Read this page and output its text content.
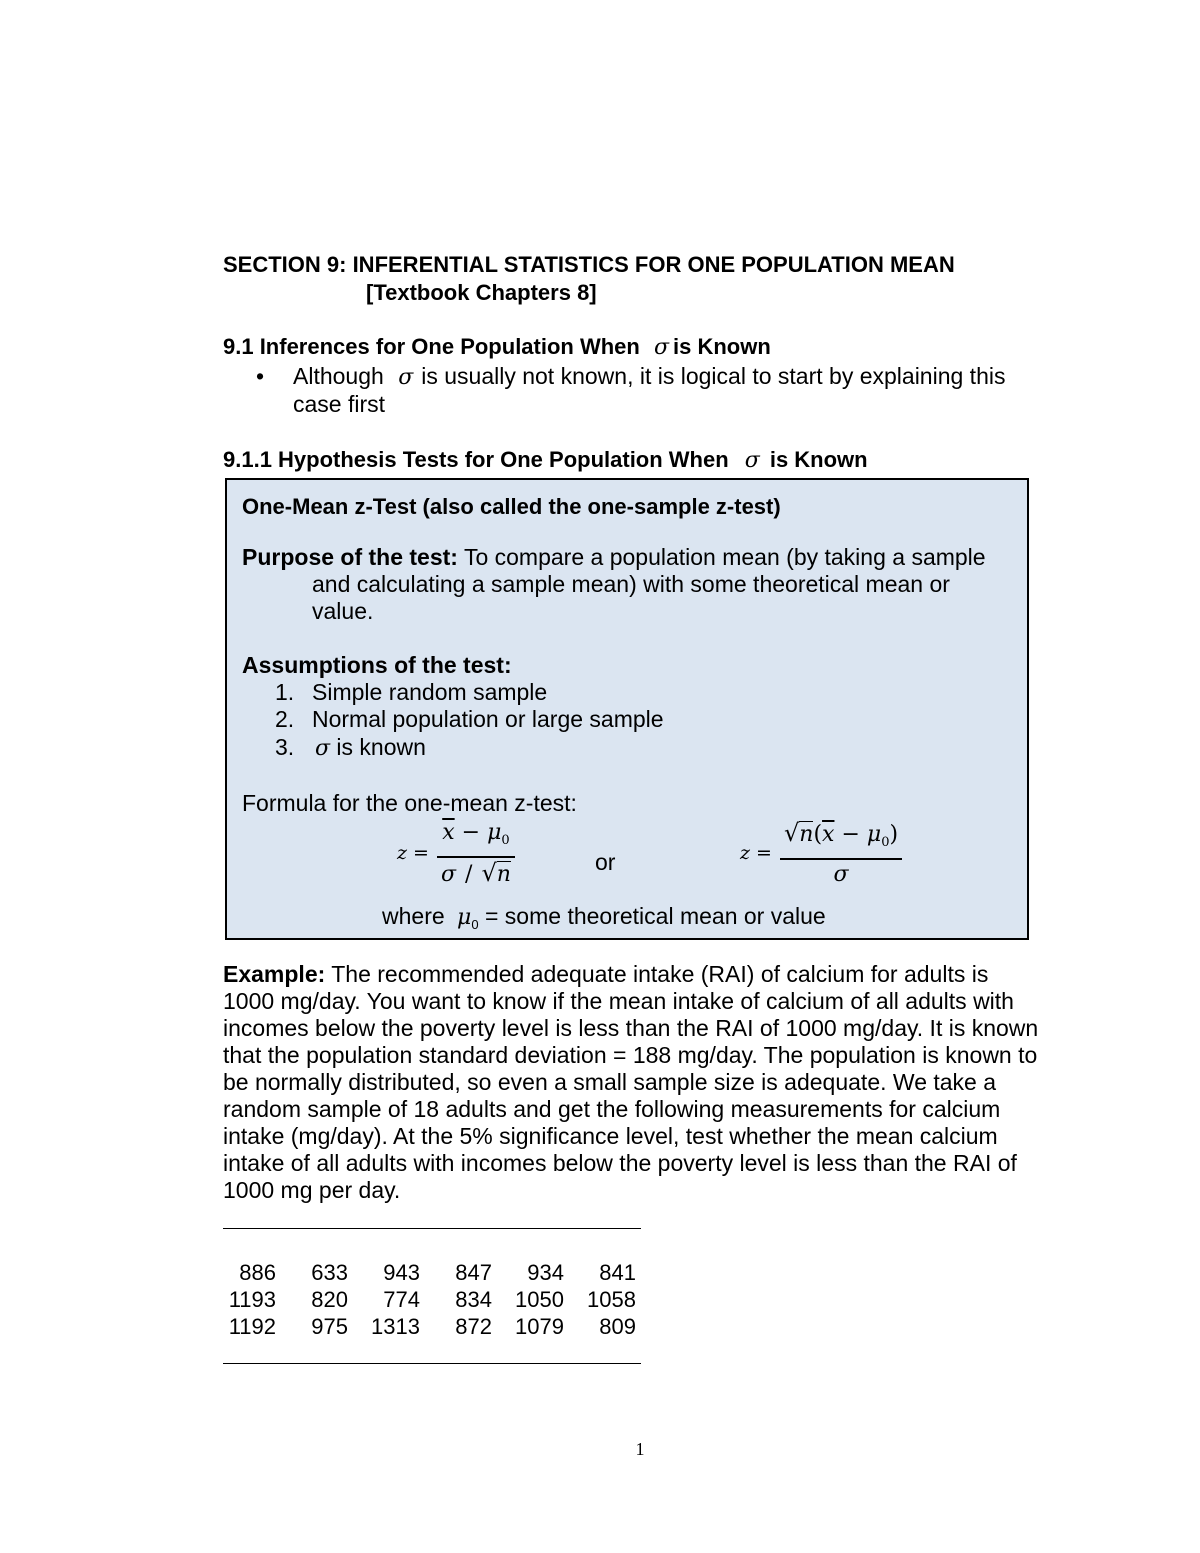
SECTION 9: INFERENTIAL STATISTICS FOR ONE POPULATION MEAN
[Textbook Chapters 8]
9.1 Inferences for One Population When σ is Known
• Although σ is usually not known, it is logical to start by explaining this
case first
9.1.1 Hypothesis Tests for One Population When σ is Known
One-Mean z-Test (also called the one-sample z-test)
Purpose of the test: To compare a population mean (by taking a sample
and calculating a sample mean) with some theoretical mean or
value.
Assumptions of the test:
1. Simple random sample
2. Normal population or large sample
3. σ is known
Formula for the one-mean z-test:
$z = \frac{\overline{x} - \mu_0}{\sigma / √n}$	or	$z = \frac{√n(\overline{x} - \mu_0)}{\sigma}$
where $\mu_0$ = some theoretical mean or value
Example: The recommended adequate intake (RAI) of calcium for adults is
1000 mg/day. You want to know if the mean intake of calcium of all adults with
incomes below the poverty level is less than the RAI of 1000 mg/day. It is known
that the population standard deviation = 188 mg/day. The population is known to
be normally distributed, so even a small sample size is adequate. We take a
random sample of 18 adults and get the following measurements for calcium
intake (mg/day). At the 5% significance level, test whether the mean calcium
intake of all adults with incomes below the poverty level is less than the RAI of
1000 mg per day.
886	633	943	847	934	841
1193	820	774	834	1050	1058
1192	975	1313	872	1079	809
1
